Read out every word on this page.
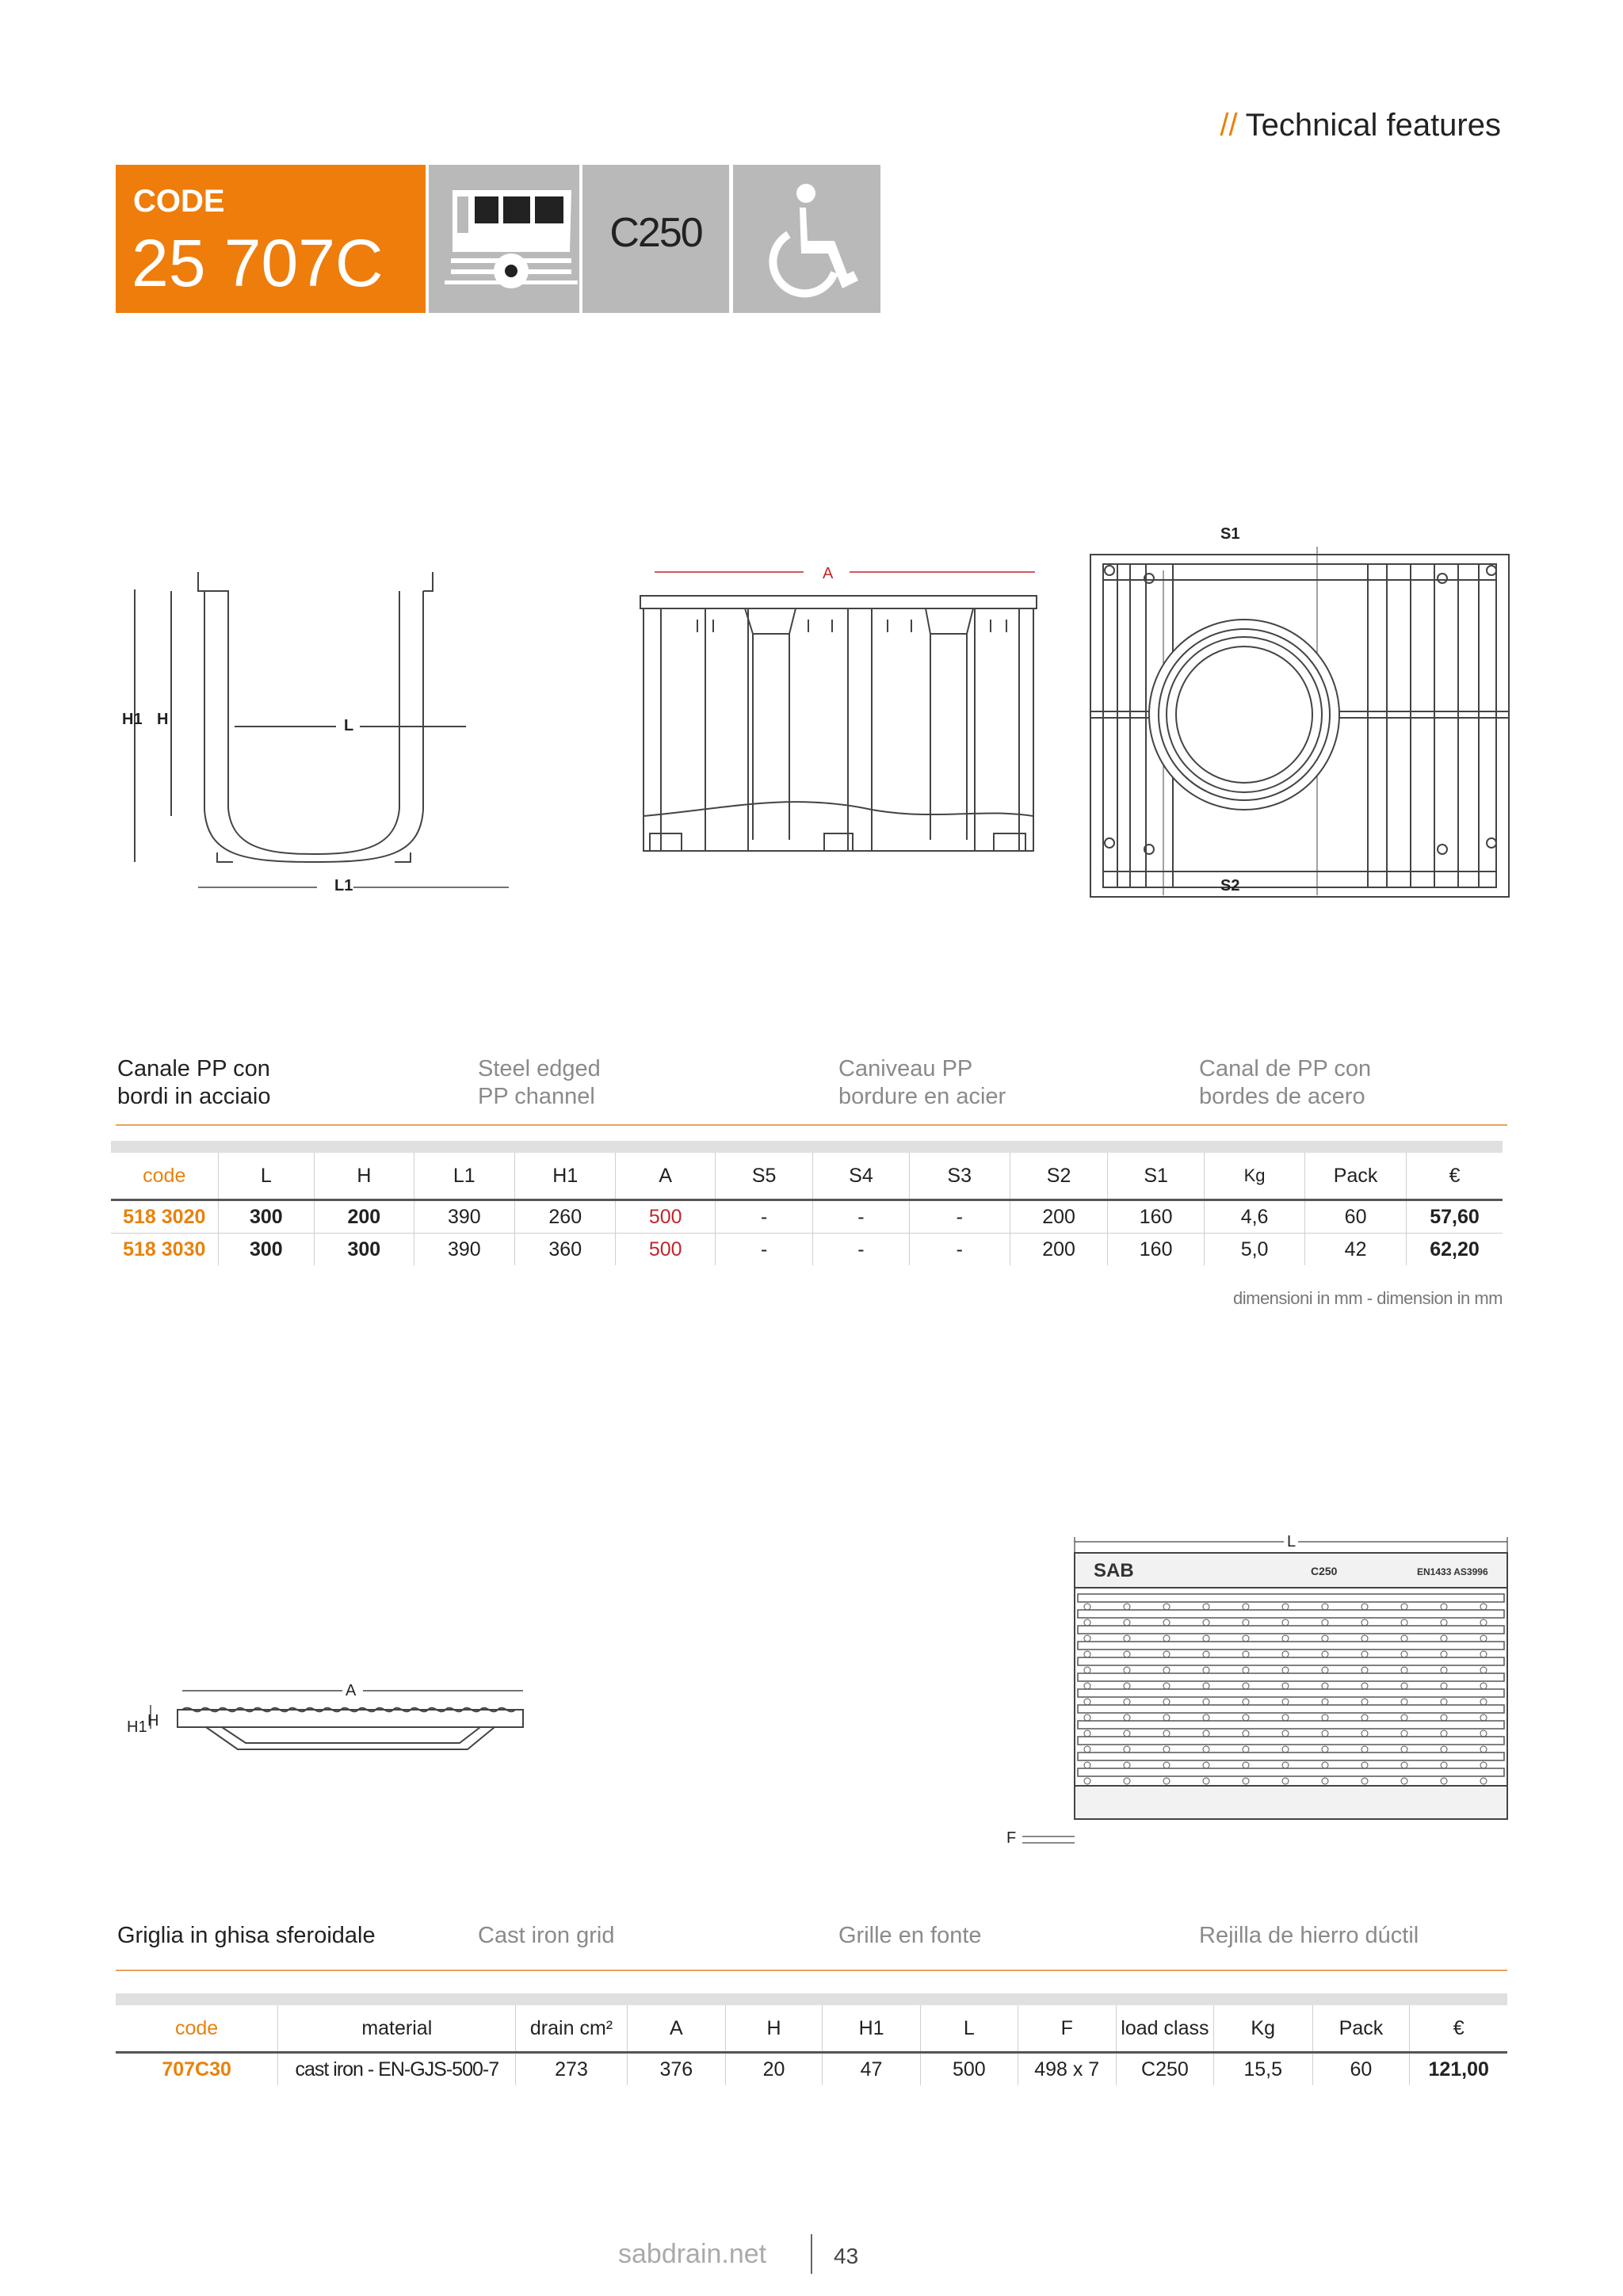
// Technical features
CODE
25 707C	C250
H1 H	L
L1
A
S1
S2
Canale PP con
bordi in acciaio
Steel edged
PP channel
Caniveau PP
bordure en acier
Canal de PP con
bordes de acero
code	L	H	L1	H1	A	S5	S4	S3	S2	S1	Kg	Pack	€
518 3020	300	200	390	260	500	-	-	-	200	160	4,6	60	57,60
518 3030	300	300	390	360	500	-	-	-	200	160	5,0	42	62,20
dimensioni in mm - dimension in mm
A
H
H1
SAB	C250	EN1433 AS3996
L
F
Griglia in ghisa sferoidale	Cast iron grid	Grille en fonte	Rejilla de hierro dúctil
code	material	drain cm²	A	H	H1	L	F	load class	Kg	Pack	€
707C30	cast iron - EN-GJS-500-7	273	376	20	47	500	498 x 7	C250	15,5	60	121,00
sabdrain.net	43
